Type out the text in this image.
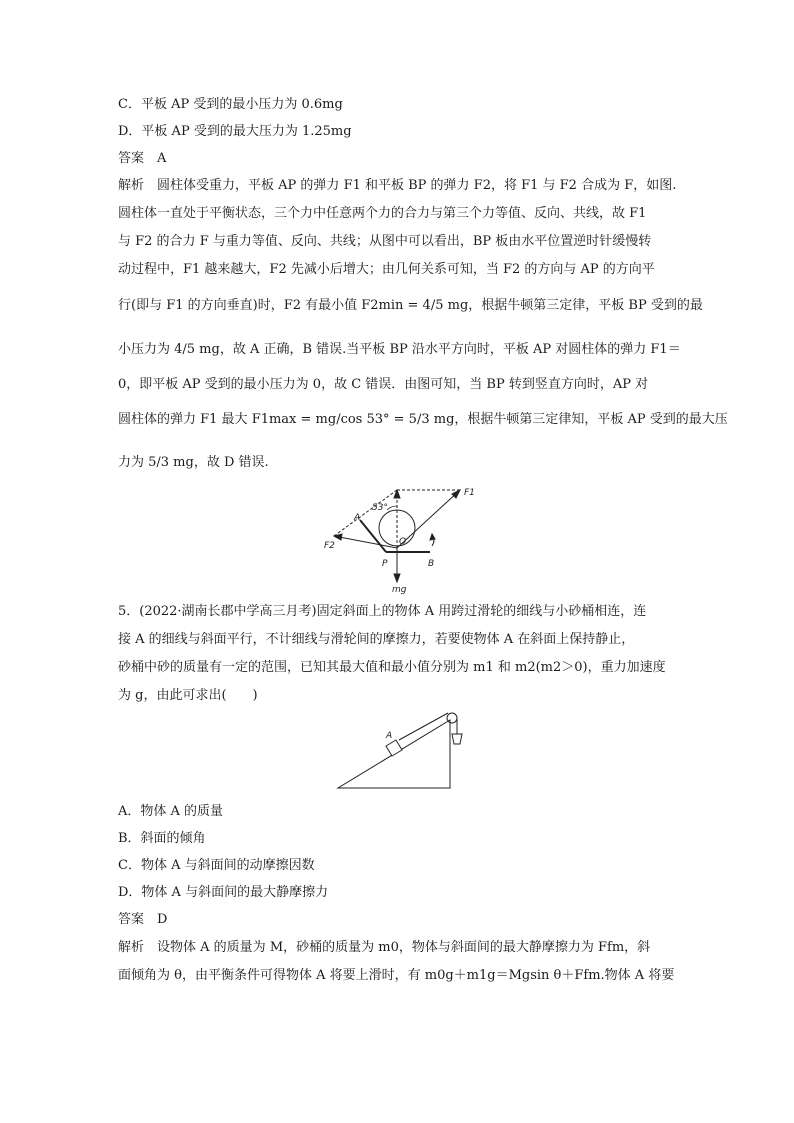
C．平板 AP 受到的最小压力为 0.6mg
D．平板 AP 受到的最大压力为 1.25mg
答案　 A
解析　 圆柱体受重力，平板 AP 的弹力 F1 和平板 BP 的弹力 F2，将 F1 与 F2 合成为 F，如图.
圆柱体一直处于平衡状态，三个力中任意两个力的合力与第三个力等值、反向、共线，故 F1
与 F2 的合力 F 与重力等值、反向、共线；从图中可以看出，BP 板由水平位置逆时针缓慢转
动过程中，F1 越来越大，F2 先减小后增大；由几何关系可知，当 F2 的方向与 AP 的方向平
行(即与 F1 的方向垂直)时，F2 有最小值 F2min = 4/5 mg，根据牛顿第三定律，平板 BP 受到的最
小压力为 4/5 mg，故 A 正确，B 错误.当平板 BP 沿水平方向时，平板 AP 对圆柱体的弹力 F1＝
0，即平板 AP 受到的最小压力为 0，故 C 错误．由图可知，当 BP 转到竖直方向时，AP 对
圆柱体的弹力 F1 最大 F1max = mg/cos 53° = 5/3 mg，根据牛顿第三定律知，平板 AP 受到的最大压
力为 5/3 mg，故 D 错误.
53°
F1
F2
A
O
P	B
mg
5．(2022·湖南长郡中学高三月考)固定斜面上的物体 A 用跨过滑轮的细线与小砂桶相连，连
接 A 的细线与斜面平行，不计细线与滑轮间的摩擦力，若要使物体 A 在斜面上保持静止，
砂桶中砂的质量有一定的范围，已知其最大值和最小值分别为 m1 和 m2(m2＞0)，重力加速度
为 g，由此可求出(　　)
A
A．物体 A 的质量
B．斜面的倾角
C．物体 A 与斜面间的动摩擦因数
D．物体 A 与斜面间的最大静摩擦力
答案　 D
解析　 设物体 A 的质量为 M，砂桶的质量为 m0，物体与斜面间的最大静摩擦力为 Ffm，斜
面倾角为 θ，由平衡条件可得物体 A 将要上滑时，有 m0g＋m1g＝Mgsin θ＋Ffm.物体 A 将要
